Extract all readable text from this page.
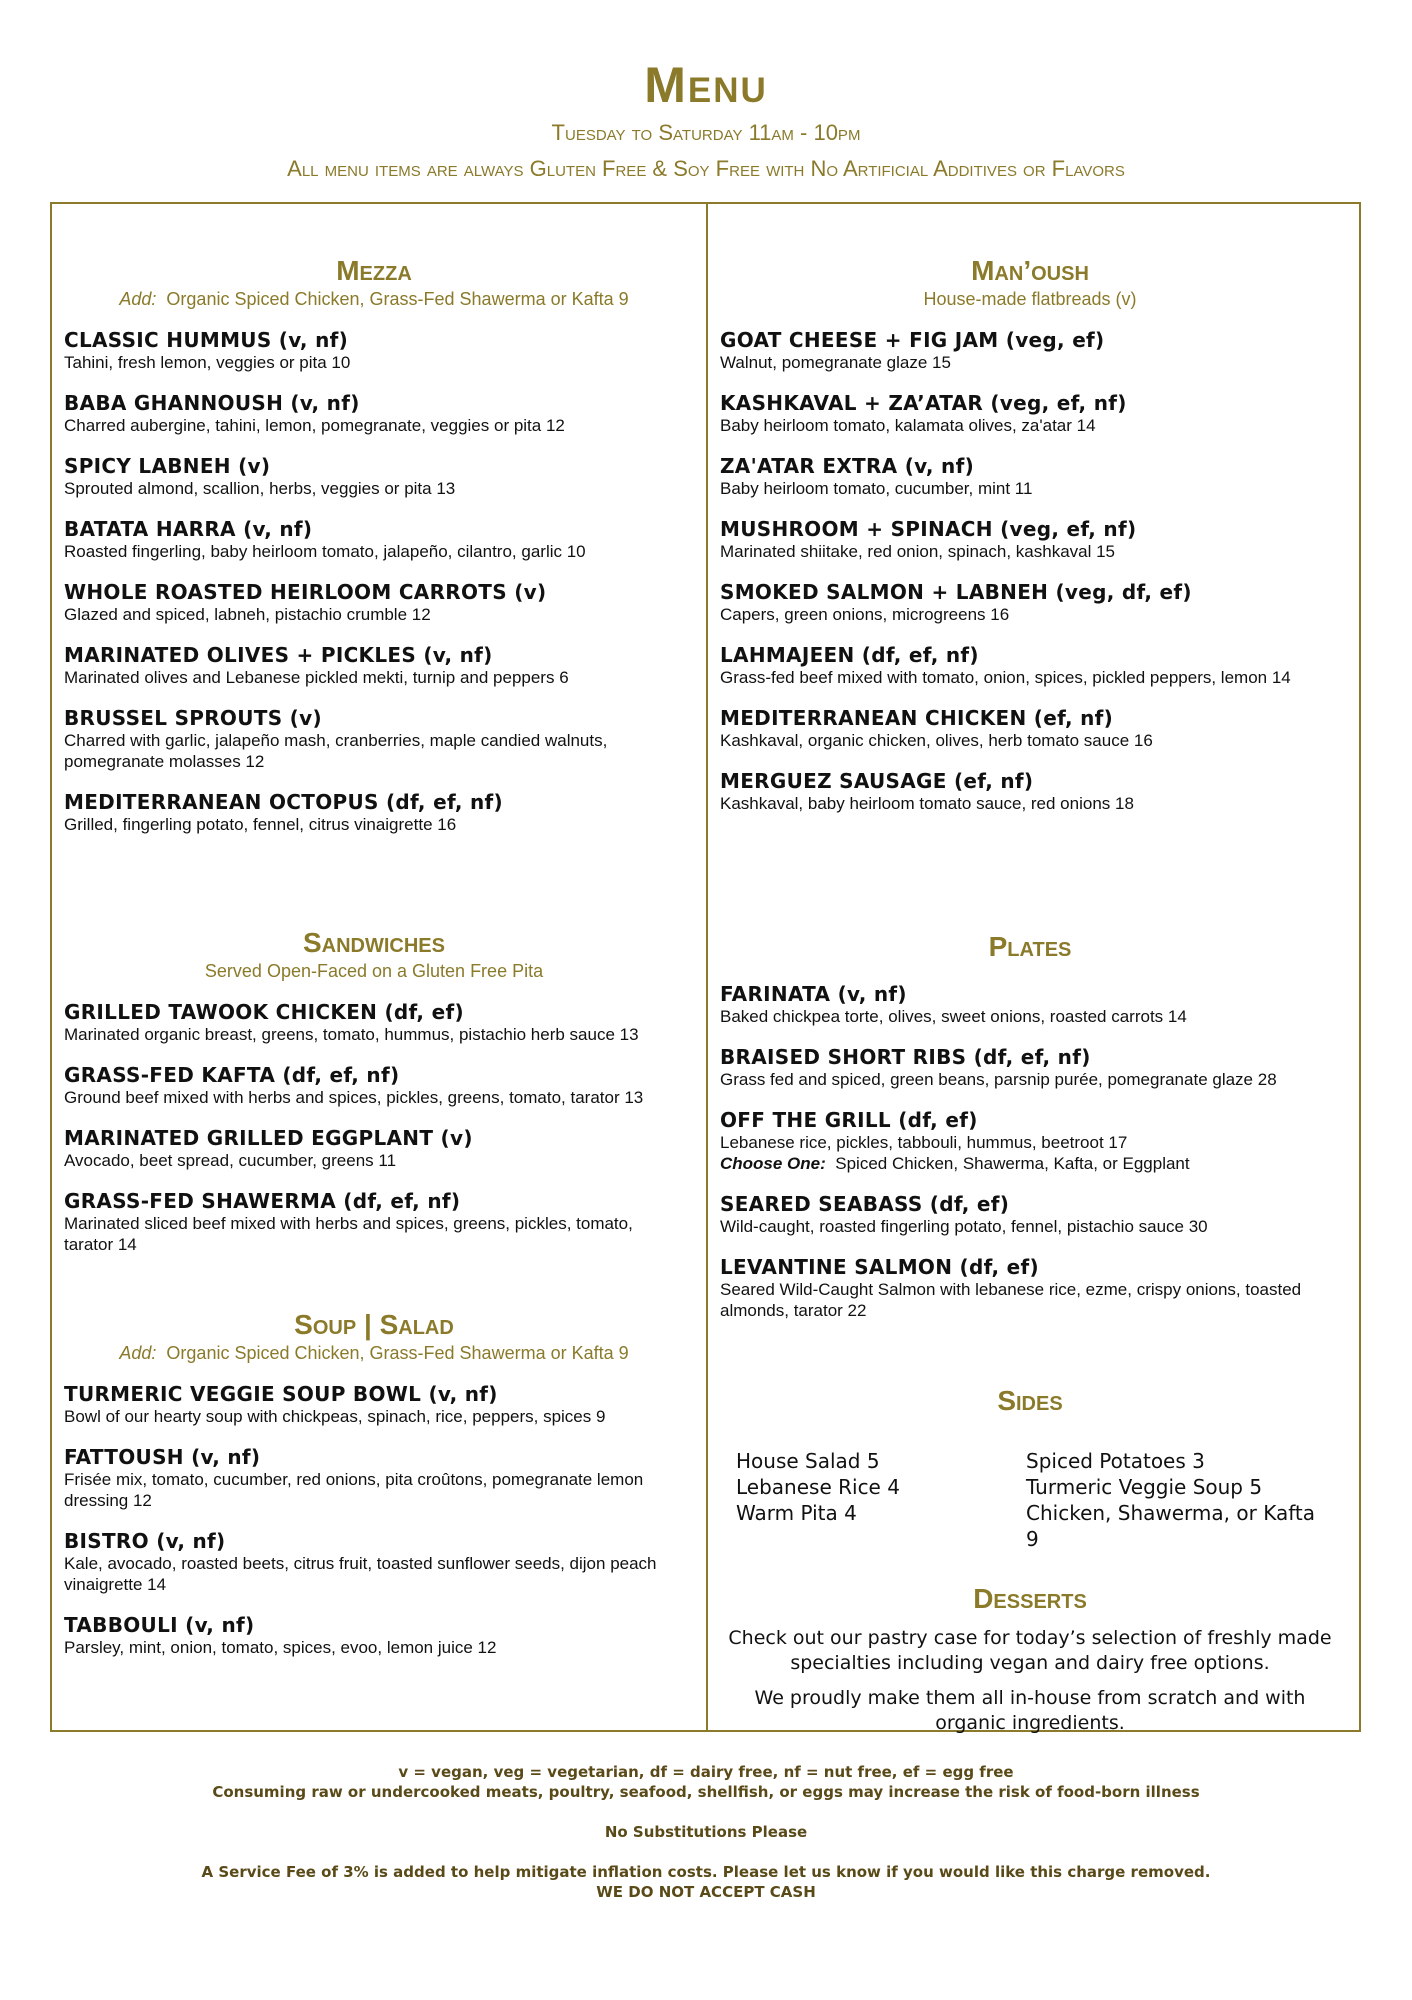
Menu
Tuesday to Saturday 11am - 10pm
All menu items are always Gluten Free & Soy Free with No Artificial Additives or Flavors
Mezza
Add: Organic Spiced Chicken, Grass-Fed Shawerma or Kafta 9
CLASSIC HUMMUS (v, nf)
Tahini, fresh lemon, veggies or pita 10
BABA GHANNOUSH (v, nf)
Charred aubergine, tahini, lemon, pomegranate, veggies or pita 12
SPICY LABNEH (v)
Sprouted almond, scallion, herbs, veggies or pita 13
BATATA HARRA (v, nf)
Roasted fingerling, baby heirloom tomato, jalapeño, cilantro, garlic 10
WHOLE ROASTED HEIRLOOM CARROTS (v)
Glazed and spiced, labneh, pistachio crumble 12
MARINATED OLIVES + PICKLES (v, nf)
Marinated olives and Lebanese pickled mekti, turnip and peppers 6
BRUSSEL SPROUTS (v)
Charred with garlic, jalapeño mash, cranberries, maple candied walnuts, pomegranate molasses 12
MEDITERRANEAN OCTOPUS (df, ef, nf)
Grilled, fingerling potato, fennel, citrus vinaigrette 16
Sandwiches
Served Open-Faced on a Gluten Free Pita
GRILLED TAWOOK CHICKEN (df, ef)
Marinated organic breast, greens, tomato, hummus, pistachio herb sauce 13
GRASS-FED KAFTA (df, ef, nf)
Ground beef mixed with herbs and spices, pickles, greens, tomato, tarator 13
MARINATED GRILLED EGGPLANT (v)
Avocado, beet spread, cucumber, greens 11
GRASS-FED SHAWERMA (df, ef, nf)
Marinated sliced beef mixed with herbs and spices, greens, pickles, tomato, tarator 14
Soup | Salad
Add: Organic Spiced Chicken, Grass-Fed Shawerma or Kafta 9
TURMERIC VEGGIE SOUP BOWL (v, nf)
Bowl of our hearty soup with chickpeas, spinach, rice, peppers, spices 9
FATTOUSH (v, nf)
Frisée mix, tomato, cucumber, red onions, pita croûtons, pomegranate lemon dressing 12
BISTRO (v, nf)
Kale, avocado, roasted beets, citrus fruit, toasted sunflower seeds, dijon peach vinaigrette 14
TABBOULI (v, nf)
Parsley, mint, onion, tomato, spices, evoo, lemon juice 12
Man’oush
House-made flatbreads (v)
GOAT CHEESE + FIG JAM (veg, ef)
Walnut, pomegranate glaze 15
KASHKAVAL + ZA’ATAR (veg, ef, nf)
Baby heirloom tomato, kalamata olives, za'atar 14
ZA'ATAR EXTRA (v, nf)
Baby heirloom tomato, cucumber, mint 11
MUSHROOM + SPINACH (veg, ef, nf)
Marinated shiitake, red onion, spinach, kashkaval 15
SMOKED SALMON + LABNEH (veg, df, ef)
Capers, green onions, microgreens 16
LAHMAJEEN (df, ef, nf)
Grass-fed beef mixed with tomato, onion, spices, pickled peppers, lemon 14
MEDITERRANEAN CHICKEN (ef, nf)
Kashkaval, organic chicken, olives, herb tomato sauce 16
MERGUEZ SAUSAGE (ef, nf)
Kashkaval, baby heirloom tomato sauce, red onions 18
Plates
FARINATA (v, nf)
Baked chickpea torte, olives, sweet onions, roasted carrots 14
BRAISED SHORT RIBS (df, ef, nf)
Grass fed and spiced, green beans, parsnip purée, pomegranate glaze 28
OFF THE GRILL (df, ef)
Lebanese rice, pickles, tabbouli, hummus, beetroot 17
Choose One: Spiced Chicken, Shawerma, Kafta, or Eggplant
SEARED SEABASS (df, ef)
Wild-caught, roasted fingerling potato, fennel, pistachio sauce 30
LEVANTINE SALMON (df, ef)
Seared Wild-Caught Salmon with lebanese rice, ezme, crispy onions, toasted almonds, tarator 22
Sides
House Salad 5
Lebanese Rice 4
Warm Pita 4
Spiced Potatoes 3
Turmeric Veggie Soup 5
Chicken, Shawerma, or Kafta 9
Desserts
Check out our pastry case for today’s selection of freshly made specialties including vegan and dairy free options.
We proudly make them all in-house from scratch and with organic ingredients.
v = vegan, veg = vegetarian, df = dairy free, nf = nut free, ef = egg free
Consuming raw or undercooked meats, poultry, seafood, shellfish, or eggs may increase the risk of food-born illness
No Substitutions Please
A Service Fee of 3% is added to help mitigate inflation costs. Please let us know if you would like this charge removed.
WE DO NOT ACCEPT CASH
